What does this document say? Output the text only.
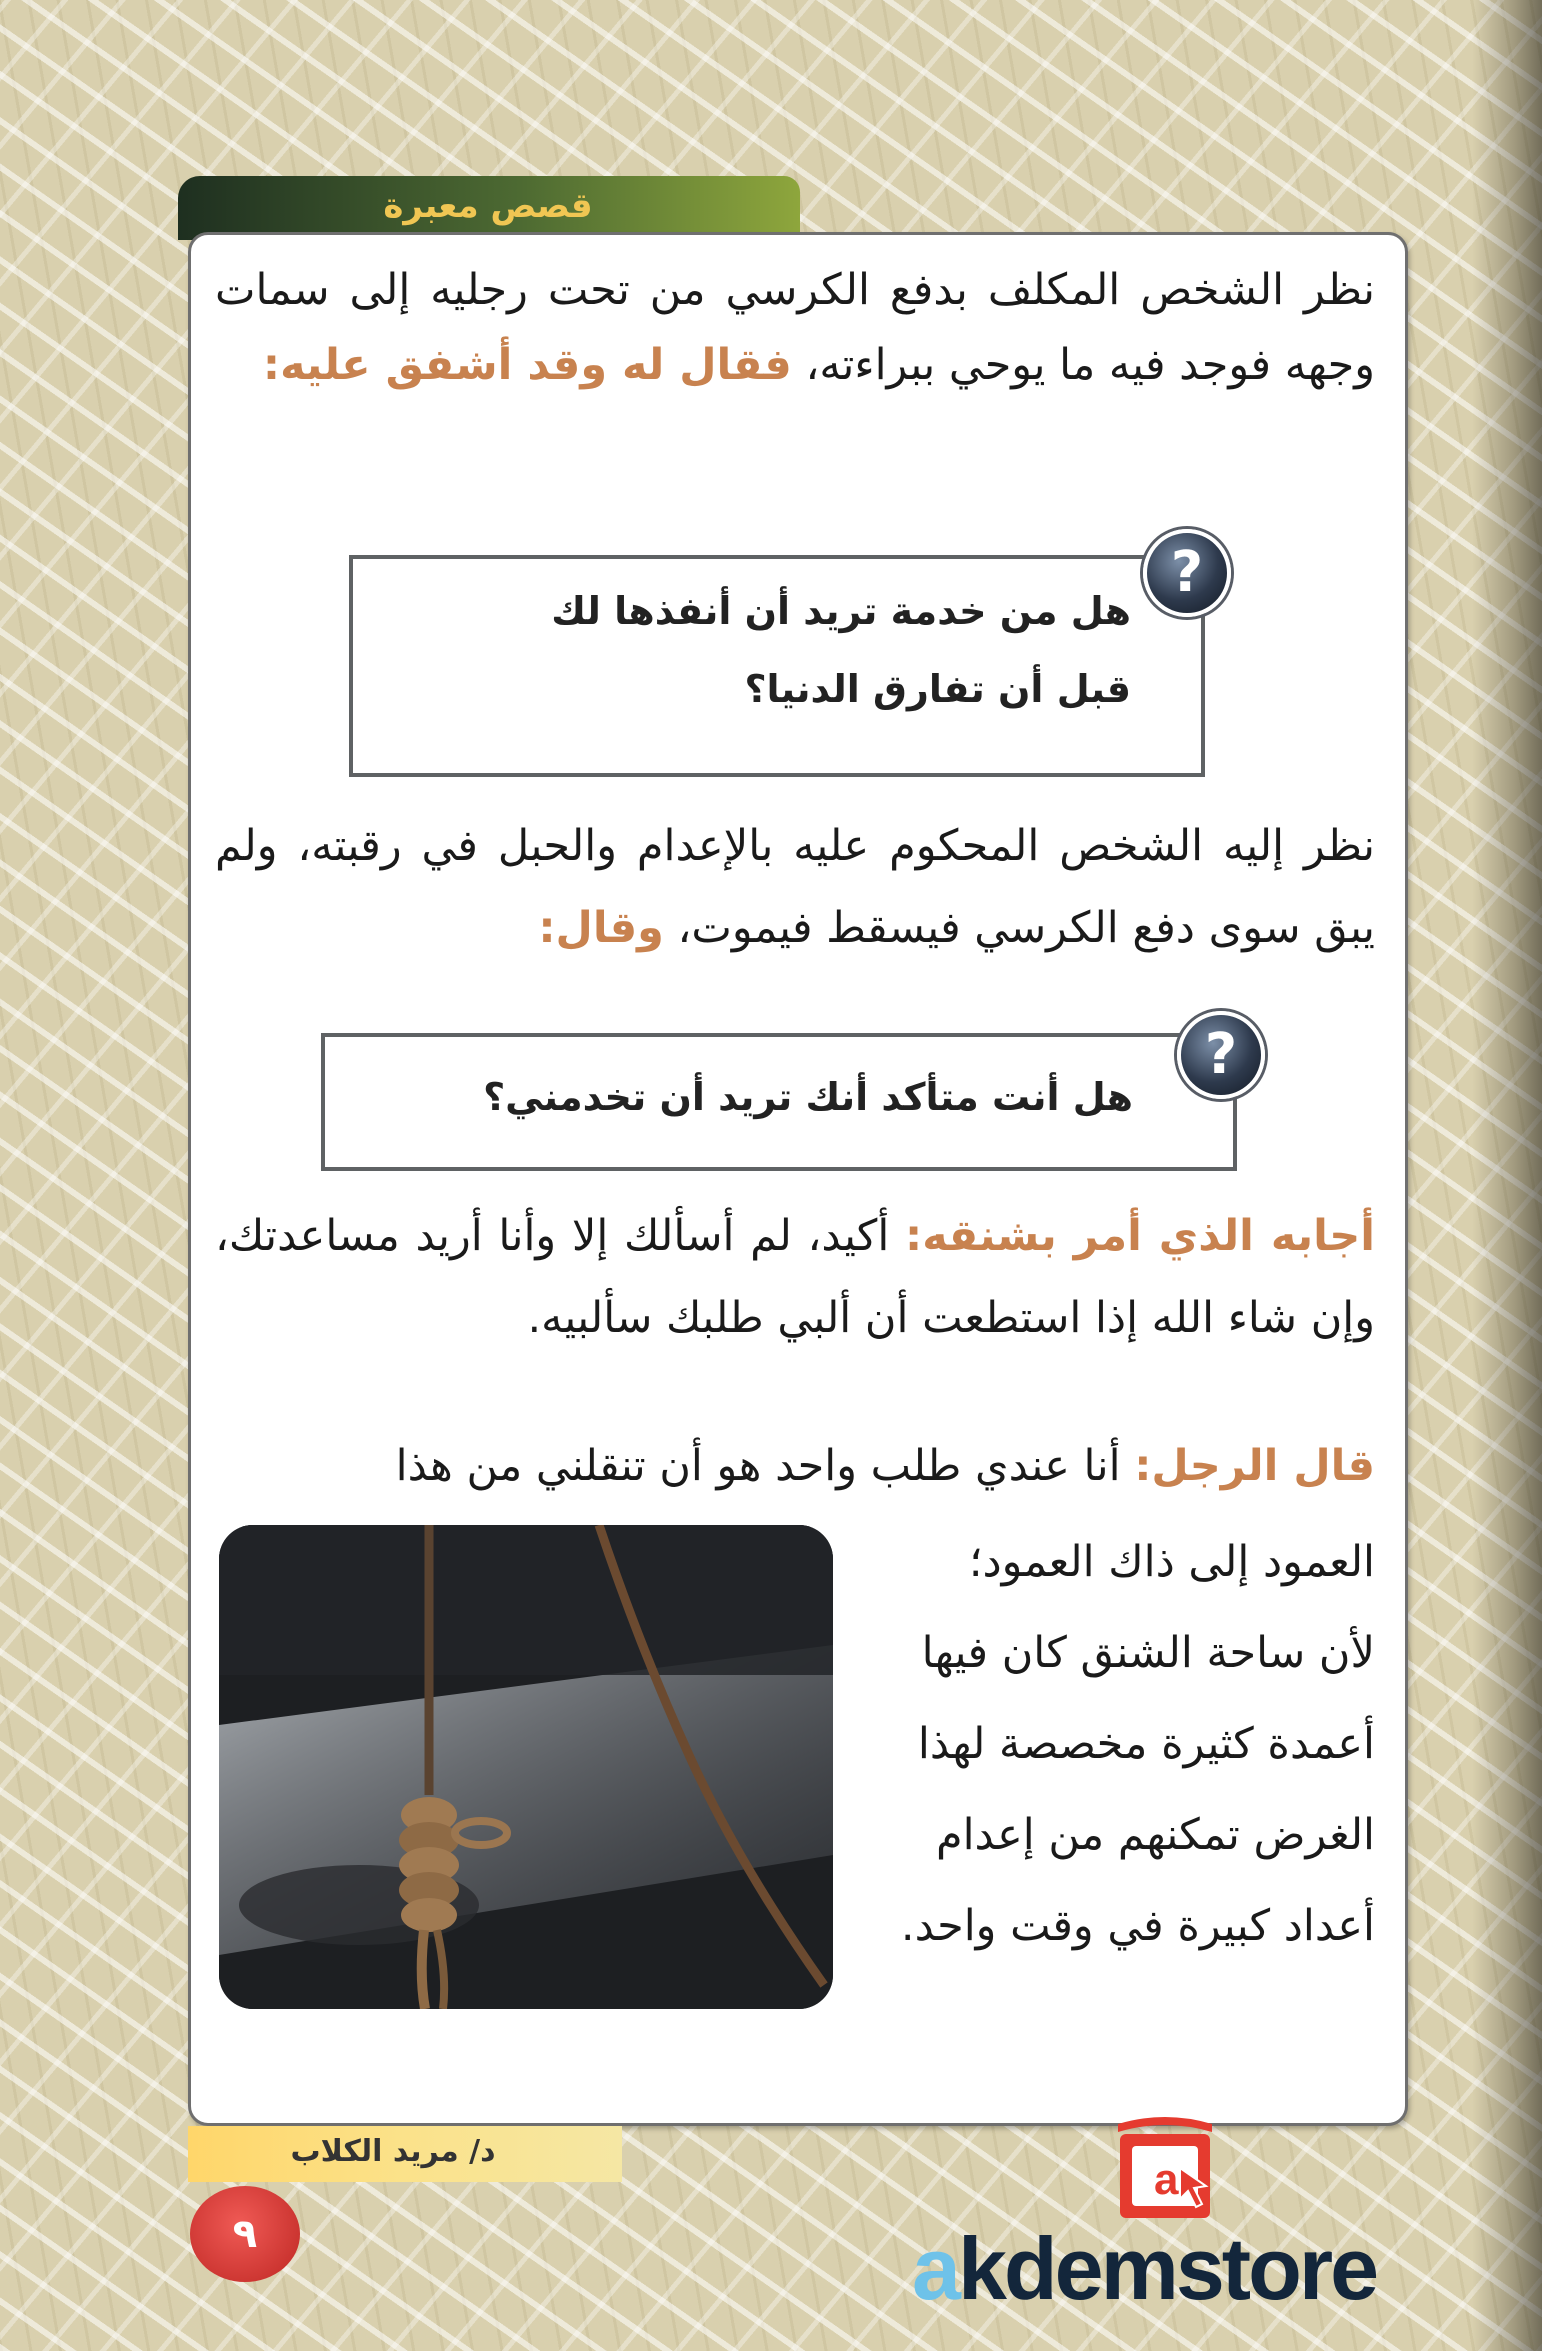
قصص معبرة
نظر الشخص المكلف بدفع الكرسي من تحت رجليه إلى سمات وجهه فوجد فيه ما يوحي ببراءته، فقال له وقد أشفق عليه:
هل من خدمة تريد أن أنفذها لك
قبل أن تفارق الدنيا؟
?
نظر إليه الشخص المحكوم عليه بالإعدام والحبل في رقبته، ولم يبق سوى دفع الكرسي فيسقط فيموت، وقال:
هل أنت متأكد أنك تريد أن تخدمني؟
?
أجابه الذي أمر بشنقه: أكيد، لم أسألك إلا وأنا أريد مساعدتك، وإن شاء الله إذا استطعت أن ألبي طلبك سألبيه.
قال الرجل: أنا عندي طلب واحد هو أن تنقلني من هذا
العمود إلى ذاك العمود؛
لأن ساحة الشنق كان فيها
أعمدة كثيرة مخصصة لهذا
الغرض تمكنهم من إعدام
أعداد كبيرة في وقت واحد.
د/ مريد الكلاب
٩
a
akdemstore
